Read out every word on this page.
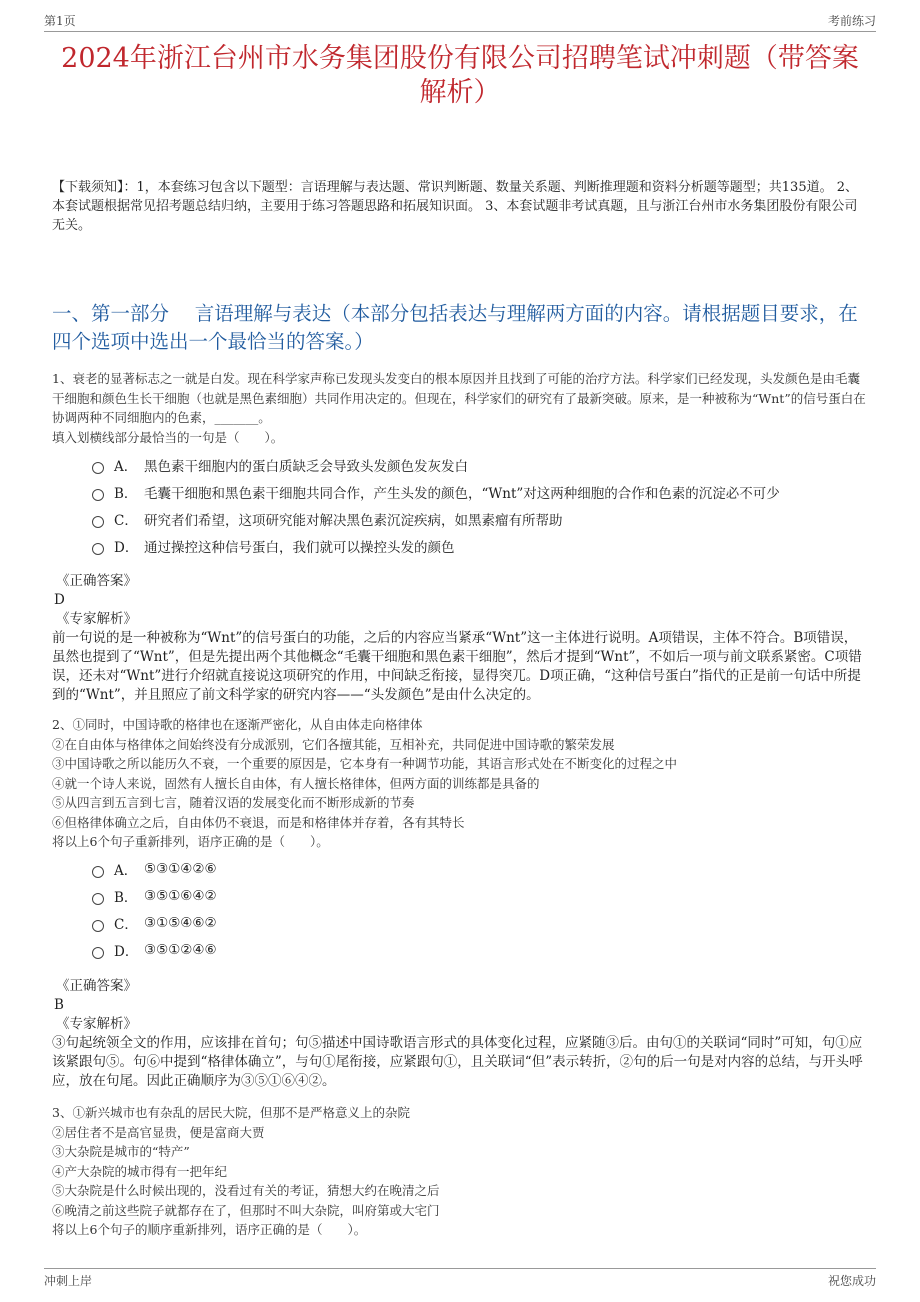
第1页	考前练习
2024年浙江台州市水务集团股份有限公司招聘笔试冲刺题（带答案解析）

【下载须知】：1，本套练习包含以下题型：言语理解与表达题、常识判断题、数量关系题、判断推理题和资料分析题等题型；共135道。 2、本套试题根据常见招考题总结归纳，主要用于练习答题思路和拓展知识面。 3、本套试题非考试真题，且与浙江台州市水务集团股份有限公司无关。

一、第一部分　 言语理解与表达（本部分包括表达与理解两方面的内容。请根据题目要求，在四个选项中选出一个最恰当的答案。）

1、衰老的显著标志之一就是白发。现在科学家声称已发现头发变白的根本原因并且找到了可能的治疗方法。科学家们已经发现，头发颜色是由毛囊干细胞和颜色生长干细胞（也就是黑色素细胞）共同作用决定的。但现在，科学家们的研究有了最新突破。原来，是一种被称为“Wnt”的信号蛋白在协调两种不同细胞内的色素，_______。

填入划横线部分最恰当的一句是（　　）。

A． 黑色素干细胞内的蛋白质缺乏会导致头发颜色发灰发白
B． 毛囊干细胞和黑色素干细胞共同合作，产生头发的颜色，“Wnt”对这两种细胞的合作和色素的沉淀必不可少
C． 研究者们希望，这项研究能对解决黑色素沉淀疾病，如黑素瘤有所帮助
D． 通过操控这种信号蛋白，我们就可以操控头发的颜色

《正确答案》

D

《专家解析》

前一句说的是一种被称为“Wnt”的信号蛋白的功能，之后的内容应当紧承“Wnt”这一主体进行说明。A项错误，主体不符合。B项错误，虽然也提到了“Wnt”，但是先提出两个其他概念“毛囊干细胞和黑色素干细胞”，然后才提到“Wnt”，不如后一项与前文联系紧密。C项错误，还未对“Wnt”进行介绍就直接说这项研究的作用，中间缺乏衔接，显得突兀。D项正确，“这种信号蛋白”指代的正是前一句话中所提到的“Wnt”，并且照应了前文科学家的研究内容——“头发颜色”是由什么决定的。

2、①同时，中国诗歌的格律也在逐渐严密化，从自由体走向格律体

②在自由体与格律体之间始终没有分成派别，它们各擅其能，互相补充，共同促进中国诗歌的繁荣发展

③中国诗歌之所以能历久不衰，一个重要的原因是，它本身有一种调节功能，其语言形式处在不断变化的过程之中

④就一个诗人来说，固然有人擅长自由体，有人擅长格律体，但两方面的训练都是具备的

⑤从四言到五言到七言，随着汉语的发展变化而不断形成新的节奏

⑥但格律体确立之后，自由体仍不衰退，而是和格律体并存着，各有其特长

将以上6个句子重新排列，语序正确的是（　　）。

A． ⑤③①④②⑥
B． ③⑤①⑥④②
C． ③①⑤④⑥②
D． ③⑤①②④⑥

《正确答案》

B

《专家解析》

③句起统领全文的作用，应该排在首句；句⑤描述中国诗歌语言形式的具体变化过程，应紧随③后。由句①的关联词“同时”可知，句①应该紧跟句⑤。句⑥中提到“格律体确立”，与句①尾衔接，应紧跟句①，且关联词“但”表示转折，②句的后一句是对内容的总结，与开头呼应，放在句尾。因此正确顺序为③⑤①⑥④②。

3、①新兴城市也有杂乱的居民大院，但那不是严格意义上的杂院

②居住者不是高官显贵，便是富商大贾

③大杂院是城市的“特产”

④产大杂院的城市得有一把年纪

⑤大杂院是什么时候出现的，没看过有关的考证，猜想大约在晚清之后

⑥晚清之前这些院子就都存在了，但那时不叫大杂院，叫府第或大宅门

将以上6个句子的顺序重新排列，语序正确的是（　　）。

冲刺上岸	祝您成功
